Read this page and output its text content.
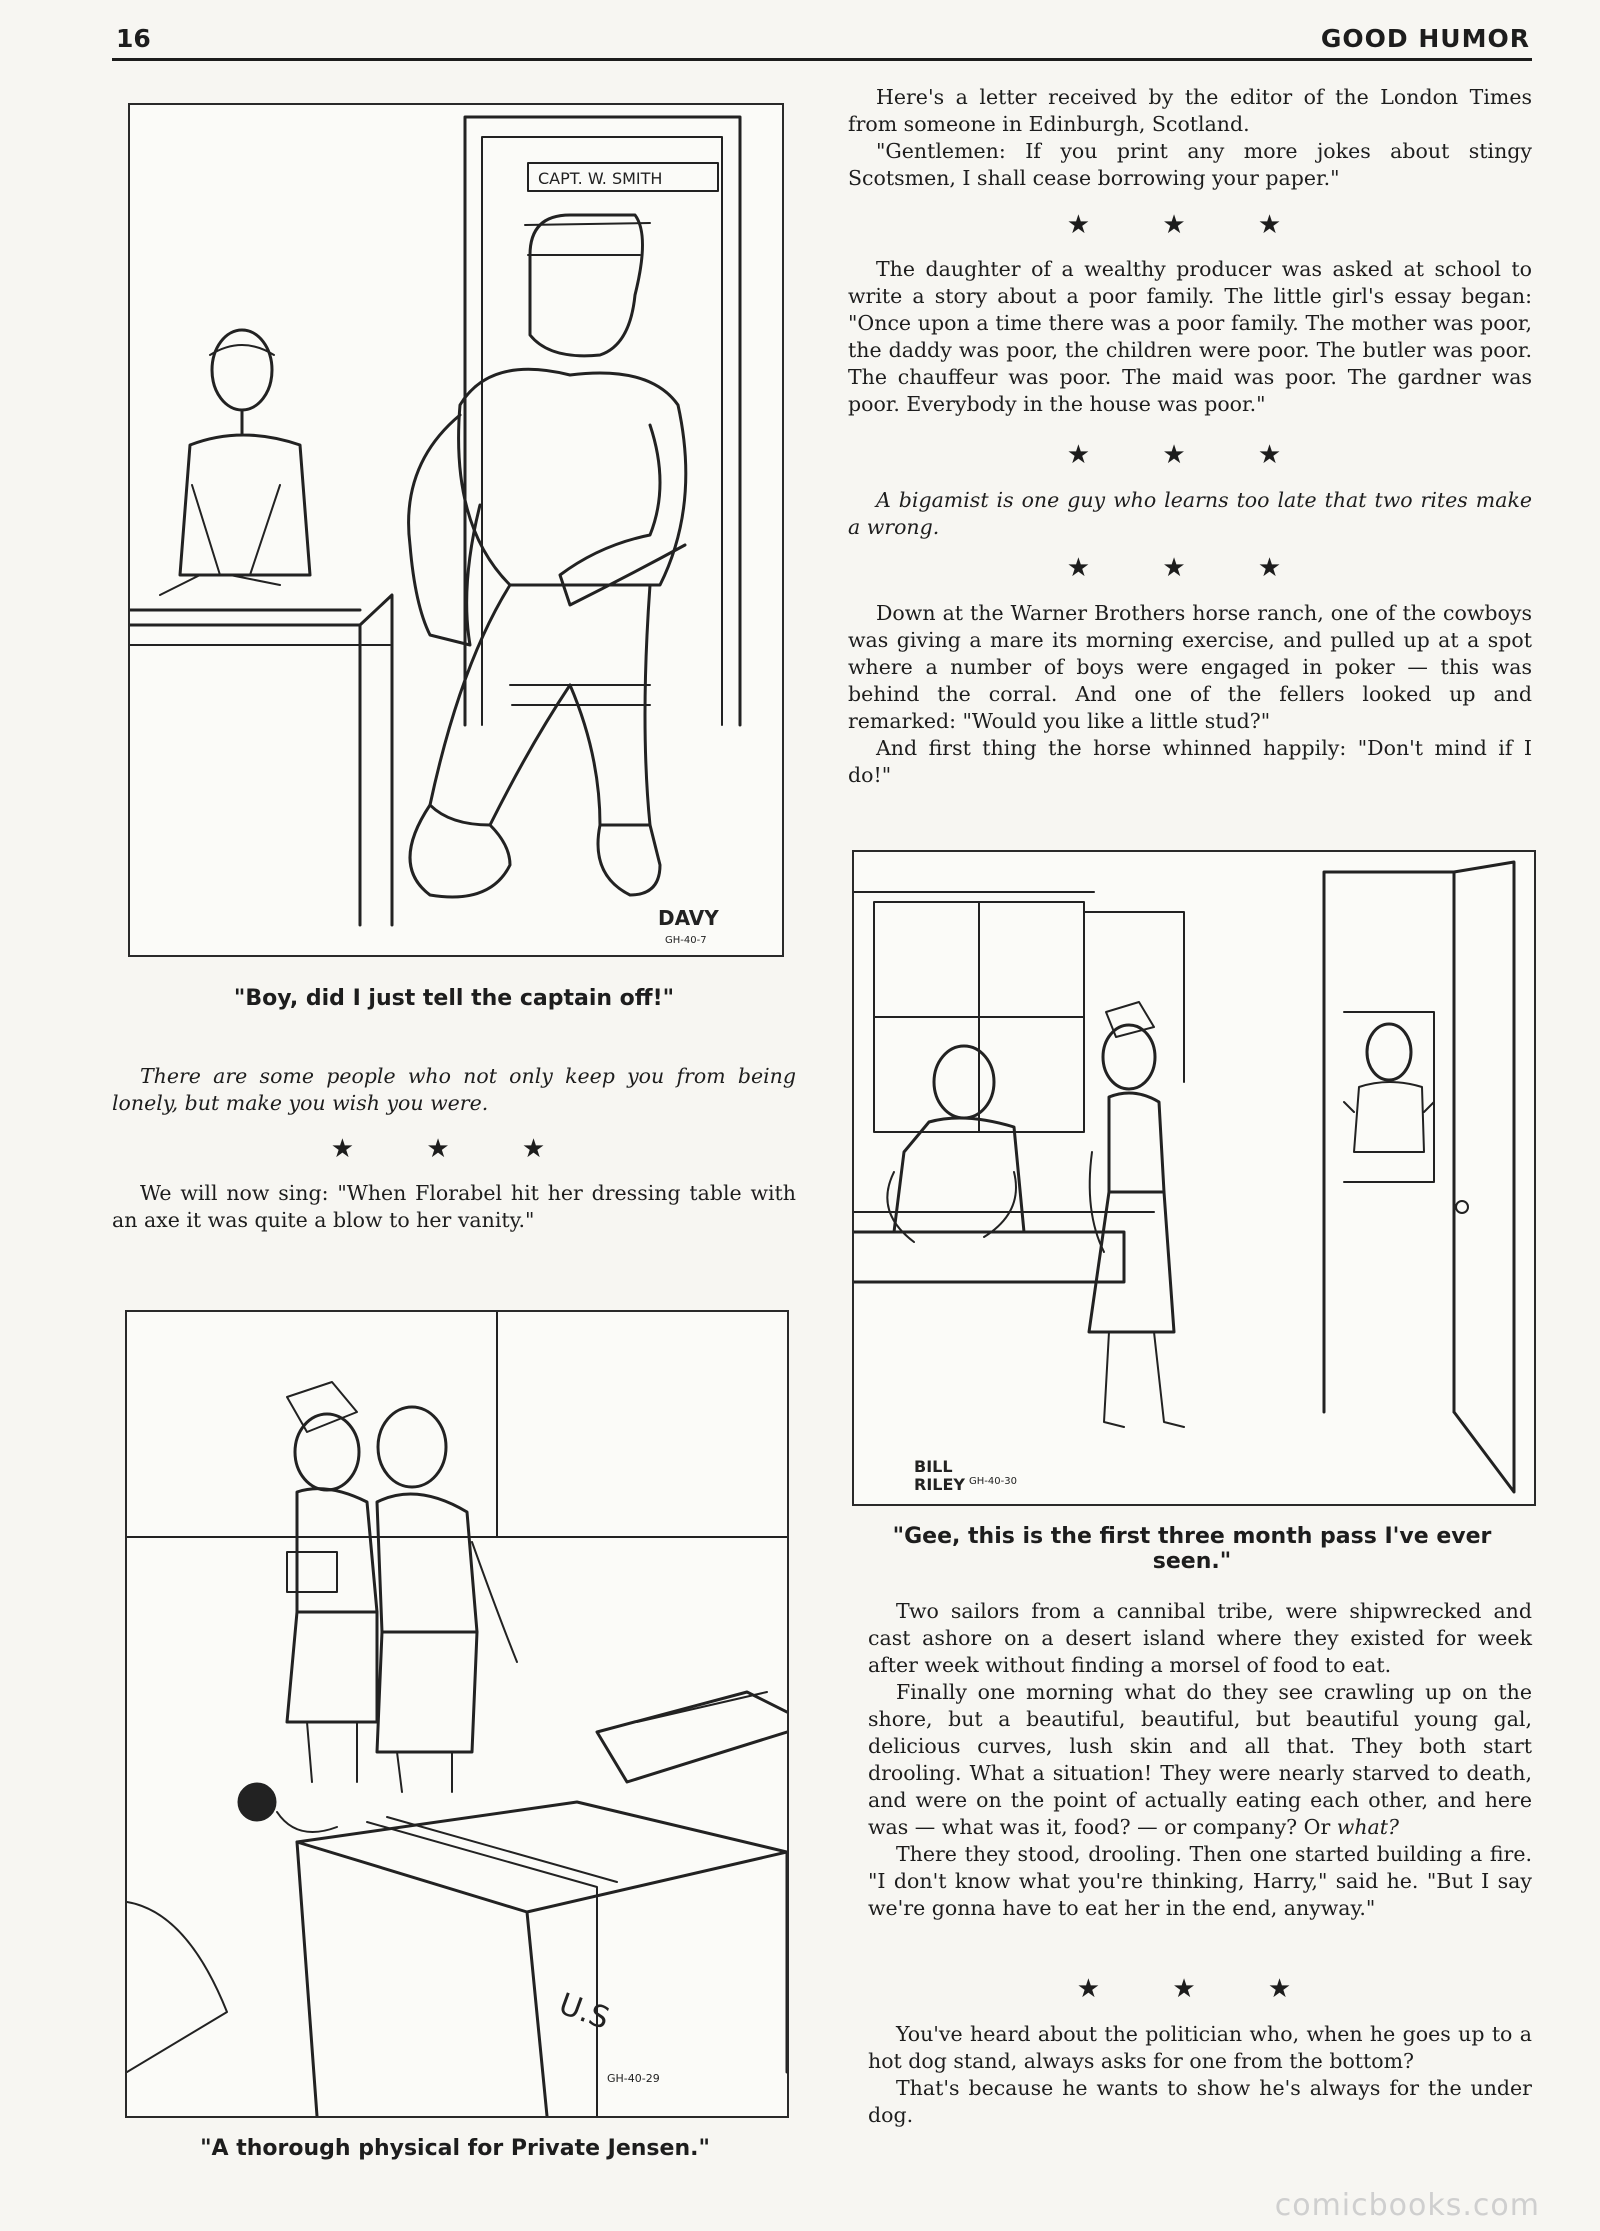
16	GOOD HUMOR
CAPT. W. SMITH
DAVY
GH-40-7
"Boy, did I just tell the captain off!"

There are some people who not only keep you from being lonely, but make you wish you were.

★ ★ ★

We will now sing: "When Florabel hit her dressing table with an axe it was quite a blow to her vanity."

U.S
GH-40-29
"A thorough physical for Private Jensen."

Here's a letter received by the editor of the London Times from someone in Edinburgh, Scotland.

"Gentlemen: If you print any more jokes about stingy Scotsmen, I shall cease borrowing your paper."

★ ★ ★

The daughter of a wealthy producer was asked at school to write a story about a poor family. The little girl's essay began: "Once upon a time there was a poor family. The mother was poor, the daddy was poor, the children were poor. The butler was poor. The chauffeur was poor. The maid was poor. The gardner was poor. Everybody in the house was poor."

★ ★ ★

A bigamist is one guy who learns too late that two rites make a wrong.

★ ★ ★

Down at the Warner Brothers horse ranch, one of the cowboys was giving a mare its morning exercise, and pulled up at a spot where a number of boys were engaged in poker — this was behind the corral. And one of the fellers looked up and remarked: "Would you like a little stud?"

And first thing the horse whinned happily: "Don't mind if I do!"

BILL
RILEY GH-40-30
"Gee, this is the first three month pass I've ever seen."

Two sailors from a cannibal tribe, were shipwrecked and cast ashore on a desert island where they existed for week after week without finding a morsel of food to eat.

Finally one morning what do they see crawling up on the shore, but a beautiful, beautiful, but beautiful young gal, delicious curves, lush skin and all that. They both start drooling. What a situation! They were nearly starved to death, and were on the point of actually eating each other, and here was — what was it, food? — or company? Or what?

There they stood, drooling. Then one started building a fire. "I don't know what you're thinking, Harry," said he. "But I say we're gonna have to eat her in the end, anyway."

★ ★ ★

You've heard about the politician who, when he goes up to a hot dog stand, always asks for one from the bottom?

That's because he wants to show he's always for the under dog.

comicbooks.com
